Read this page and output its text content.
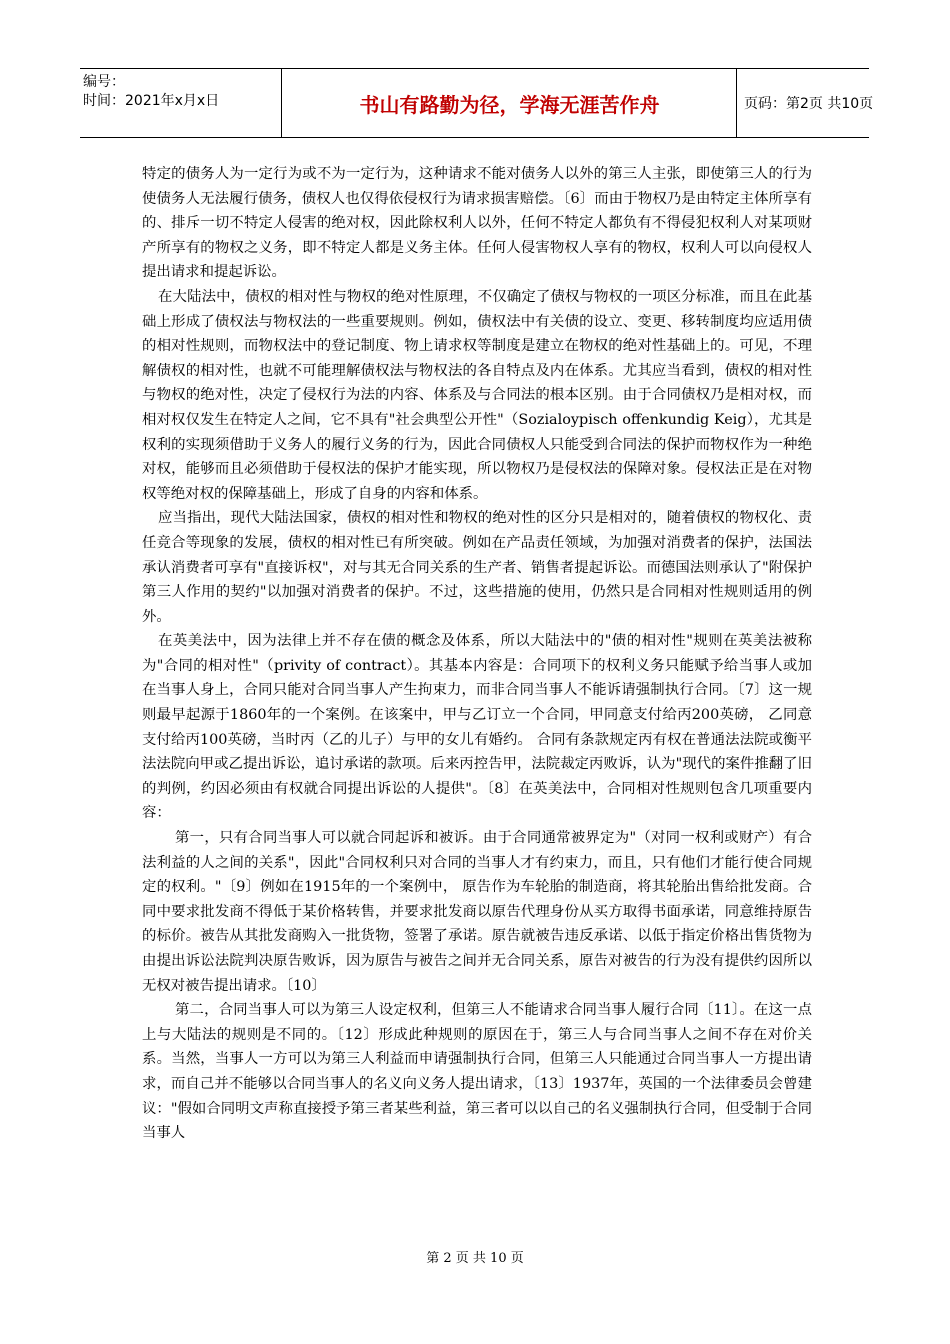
编号：
时间：2021年x月x日	书山有路勤为径，学海无涯苦作舟	页码：第2页 共10页

特定的债务人为一定行为或不为一定行为，这种请求不能对债务人以外的第三人主张，即使第三人的行为使债务人无法履行债务，债权人也仅得依侵权行为请求损害赔偿。〔6〕而由于物权乃是由特定主体所享有的、排斥一切不特定人侵害的绝对权，因此除权利人以外，任何不特定人都负有不得侵犯权利人对某项财产所享有的物权之义务，即不特定人都是义务主体。任何人侵害物权人享有的物权，权利人可以向侵权人提出请求和提起诉讼。

在大陆法中，债权的相对性与物权的绝对性原理，不仅确定了债权与物权的一项区分标准，而且在此基础上形成了债权法与物权法的一些重要规则。例如，债权法中有关债的设立、变更、移转制度均应适用债的相对性规则，而物权法中的登记制度、物上请求权等制度是建立在物权的绝对性基础上的。可见，不理解债权的相对性，也就不可能理解债权法与物权法的各自特点及内在体系。尤其应当看到，债权的相对性与物权的绝对性，决定了侵权行为法的内容、体系及与合同法的根本区别。由于合同债权乃是相对权，而相对权仅发生在特定人之间，它不具有"社会典型公开性"（Sozialoypisch offenkundig Keig），尤其是权利的实现须借助于义务人的履行义务的行为，因此合同债权人只能受到合同法的保护而物权作为一种绝对权，能够而且必须借助于侵权法的保护才能实现，所以物权乃是侵权法的保障对象。侵权法正是在对物权等绝对权的保障基础上，形成了自身的内容和体系。

应当指出，现代大陆法国家，债权的相对性和物权的绝对性的区分只是相对的，随着债权的物权化、责任竞合等现象的发展，债权的相对性已有所突破。例如在产品责任领域，为加强对消费者的保护，法国法承认消费者可享有"直接诉权"，对与其无合同关系的生产者、销售者提起诉讼。而德国法则承认了"附保护第三人作用的契约"以加强对消费者的保护。不过，这些措施的使用，仍然只是合同相对性规则适用的例外。

在英美法中，因为法律上并不存在债的概念及体系，所以大陆法中的"债的相对性"规则在英美法被称为"合同的相对性"（privity of contract）。其基本内容是：合同项下的权利义务只能赋予给当事人或加在当事人身上，合同只能对合同当事人产生拘束力，而非合同当事人不能诉请强制执行合同。〔7〕这一规则最早起源于1860年的一个案例。在该案中，甲与乙订立一个合同，甲同意支付给丙200英磅， 乙同意支付给丙100英磅，当时丙（乙的儿子）与甲的女儿有婚约。 合同有条款规定丙有权在普通法法院或衡平法法院向甲或乙提出诉讼，追讨承诺的款项。后来丙控告甲，法院裁定丙败诉，认为"现代的案件推翻了旧的判例，约因必须由有权就合同提出诉讼的人提供"。〔8〕在英美法中，合同相对性规则包含几项重要内容：

第一，只有合同当事人可以就合同起诉和被诉。由于合同通常被界定为"（对同一权利或财产）有合法利益的人之间的关系"，因此"合同权利只对合同的当事人才有约束力，而且，只有他们才能行使合同规定的权利。"〔9〕例如在1915年的一个案例中， 原告作为车轮胎的制造商，将其轮胎出售给批发商。合同中要求批发商不得低于某价格转售，并要求批发商以原告代理身份从买方取得书面承诺，同意维持原告的标价。被告从其批发商购入一批货物，签署了承诺。原告就被告违反承诺、以低于指定价格出售货物为由提出诉讼法院判决原告败诉，因为原告与被告之间并无合同关系，原告对被告的行为没有提供约因所以无权对被告提出请求。〔10〕

第二，合同当事人可以为第三人设定权利，但第三人不能请求合同当事人履行合同〔11〕。在这一点上与大陆法的规则是不同的。〔12〕形成此种规则的原因在于，第三人与合同当事人之间不存在对价关系。当然，当事人一方可以为第三人利益而申请强制执行合同，但第三人只能通过合同当事人一方提出请求，而自己并不能够以合同当事人的名义向义务人提出请求，〔13〕1937年，英国的一个法律委员会曾建议："假如合同明文声称直接授予第三者某些利益，第三者可以以自己的名义强制执行合同，但受制于合同当事人

第 2 页 共 10 页
